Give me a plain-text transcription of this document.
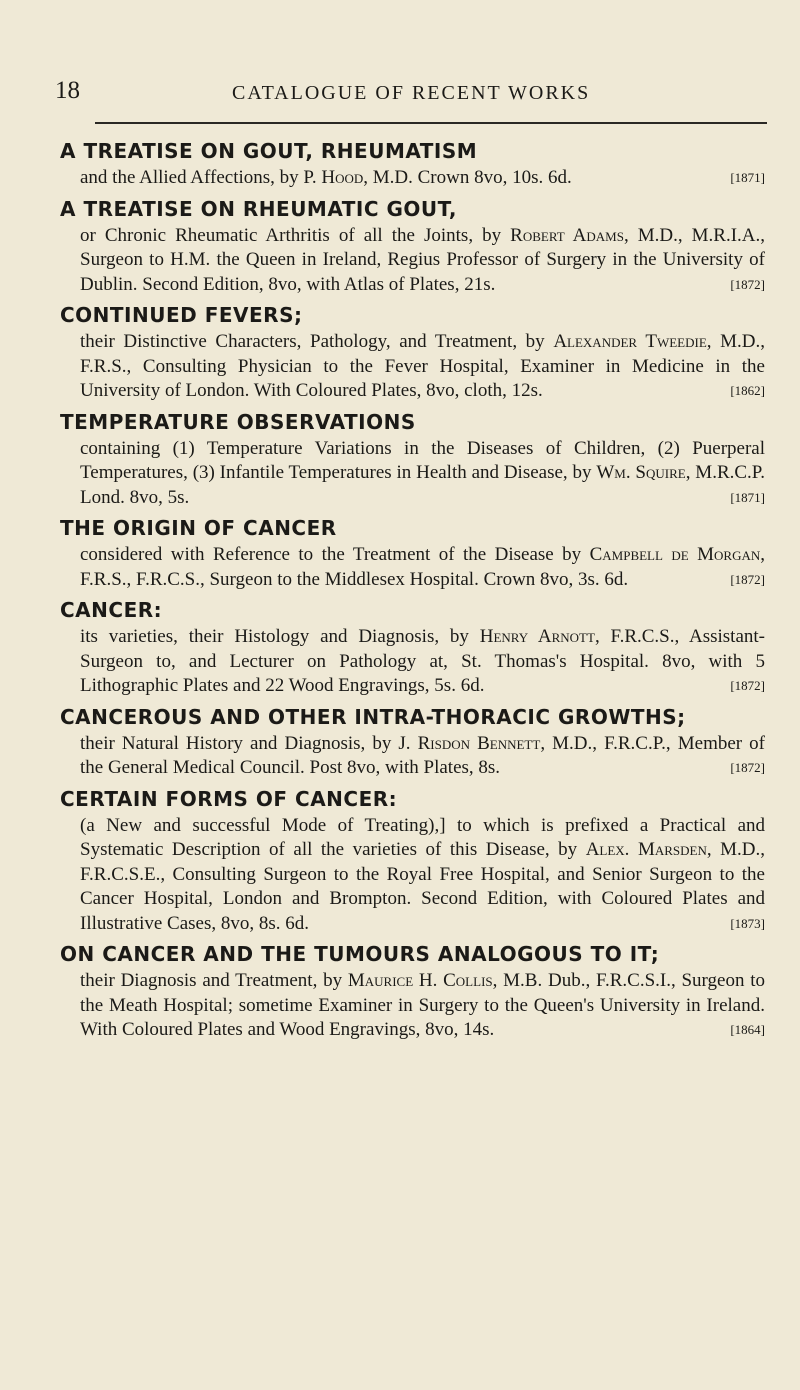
18	CATALOGUE OF RECENT WORKS
A TREATISE ON GOUT, RHEUMATISM
and the Allied Affections, by P. Hood, M.D. Crown 8vo, 10s. 6d.	[1871]
A TREATISE ON RHEUMATIC GOUT,
or Chronic Rheumatic Arthritis of all the Joints, by Robert Adams, M.D., M.R.I.A., Surgeon to H.M. the Queen in Ireland, Regius Professor of Surgery in the University of Dublin. Second Edition, 8vo, with Atlas of Plates, 21s.	[1872]
CONTINUED FEVERS;
their Distinctive Characters, Pathology, and Treatment, by Alexander Tweedie, M.D., F.R.S., Consulting Physician to the Fever Hospital, Examiner in Medicine in the University of London. With Coloured Plates, 8vo, cloth, 12s.	[1862]
TEMPERATURE OBSERVATIONS
containing (1) Temperature Variations in the Diseases of Children, (2) Puerperal Temperatures, (3) Infantile Temperatures in Health and Disease, by Wm. Squire, M.R.C.P. Lond. 8vo, 5s.	[1871]
THE ORIGIN OF CANCER
considered with Reference to the Treatment of the Disease by Campbell de Morgan, F.R.S., F.R.C.S., Surgeon to the Middlesex Hospital. Crown 8vo, 3s. 6d.	[1872]
CANCER:
its varieties, their Histology and Diagnosis, by Henry Arnott, F.R.C.S., Assistant-Surgeon to, and Lecturer on Pathology at, St. Thomas's Hospital. 8vo, with 5 Lithographic Plates and 22 Wood Engravings, 5s. 6d.	[1872]
CANCEROUS AND OTHER INTRA-THORACIC GROWTHS;
their Natural History and Diagnosis, by J. Risdon Bennett, M.D., F.R.C.P., Member of the General Medical Council. Post 8vo, with Plates, 8s.	[1872]
CERTAIN FORMS OF CANCER:
(a New and successful Mode of Treating),] to which is prefixed a Practical and Systematic Description of all the varieties of this Disease, by Alex. Marsden, M.D., F.R.C.S.E., Consulting Surgeon to the Royal Free Hospital, and Senior Surgeon to the Cancer Hospital, London and Brompton. Second Edition, with Coloured Plates and Illustrative Cases, 8vo, 8s. 6d.	[1873]
ON CANCER AND THE TUMOURS ANALOGOUS TO IT;
their Diagnosis and Treatment, by Maurice H. Collis, M.B. Dub., F.R.C.S.I., Surgeon to the Meath Hospital; sometime Examiner in Surgery to the Queen's University in Ireland. With Coloured Plates and Wood Engravings, 8vo, 14s.	[1864]
